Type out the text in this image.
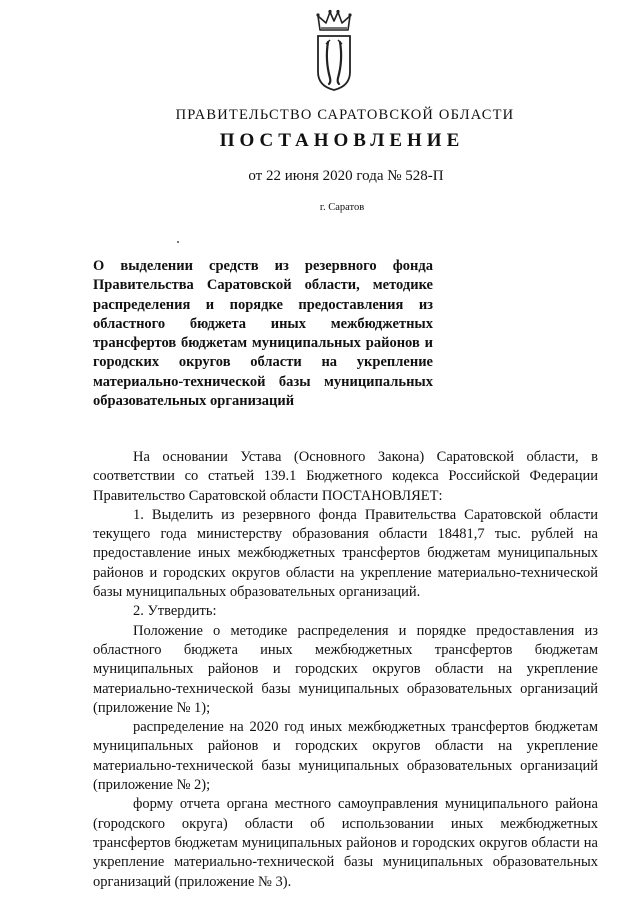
ПРАВИТЕЛЬСТВО САРАТОВСКОЙ ОБЛАСТИ
ПОСТАНОВЛЕНИЕ
от 22 июня 2020 года № 528-П
г. Саратов
О выделении средств из резервного фонда Правительства Саратовской области, методике распределения и порядке предоставления из областного бюджета иных межбюджетных трансфертов бюджетам муниципальных районов и городских округов области на укрепление материально-технической базы муниципальных образовательных организаций

На основании Устава (Основного Закона) Саратовской области, в соответствии со статьей 139.1 Бюджетного кодекса Российской Федерации Правительство Саратовской области ПОСТАНОВЛЯЕТ:

1. Выделить из резервного фонда Правительства Саратовской области текущего года министерству образования области 18481,7 тыс. рублей на предоставление иных межбюджетных трансфертов бюджетам муниципальных районов и городских округов области на укрепление материально-технической базы муниципальных образовательных организаций.

2. Утвердить:

Положение о методике распределения и порядке предоставления из областного бюджета иных межбюджетных трансфертов бюджетам муниципальных районов и городских округов области на укрепление материально-технической базы муниципальных образовательных организаций (приложение № 1);

распределение на 2020 год иных межбюджетных трансфертов бюджетам муниципальных районов и городских округов области на укрепление материально-технической базы муниципальных образовательных организаций (приложение № 2);

форму отчета органа местного самоуправления муниципального района (городского округа) области об использовании иных межбюджетных трансфертов бюджетам муниципальных районов и городских округов области на укрепление материально-технической базы муниципальных образовательных организаций (приложение № 3).
